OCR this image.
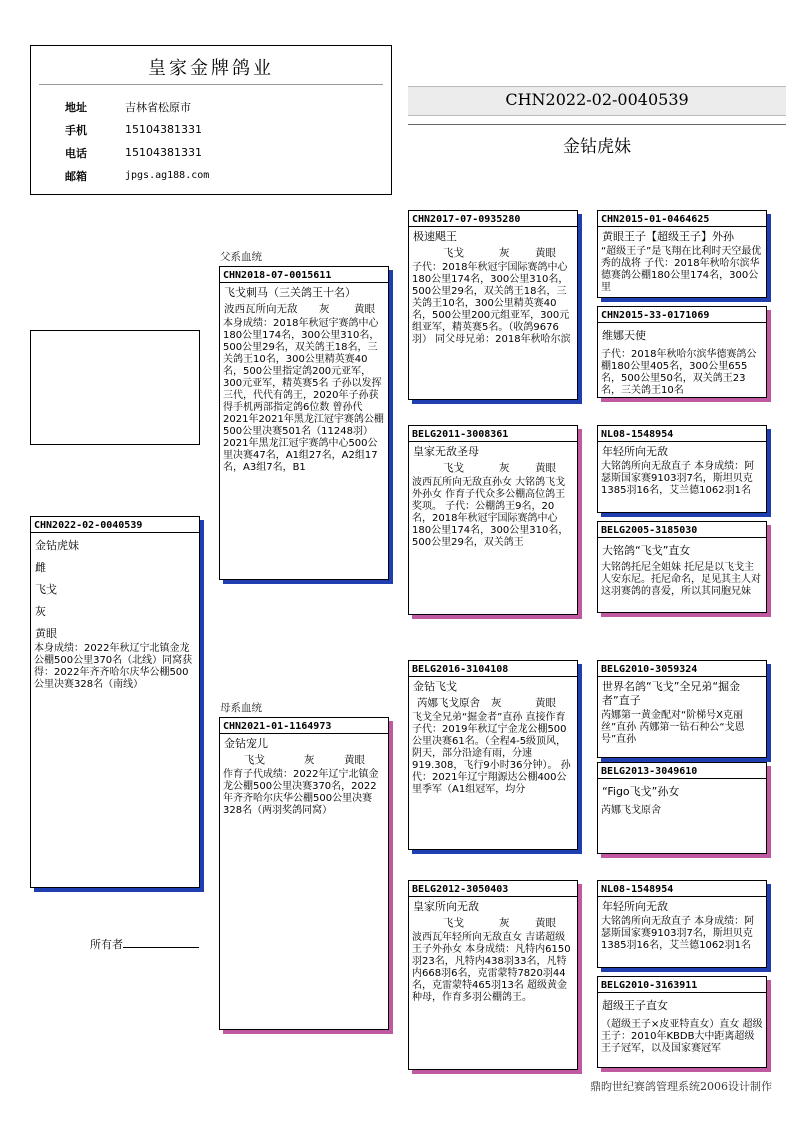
皇家金牌鸽业
地址	吉林省松原市
手机	15104381331
电话	15104381331
邮箱	jpgs.ag188.com
CHN2022-02-0040539
金钻虎妹
CHN2022-02-0040539
金钻虎妹
雌
飞戈
灰
黄眼
本身成绩：2022年秋辽宁北镇金龙公棚500公里370名（北线）同窝获得：2022年齐齐哈尔庆华公棚500公里决赛328名（南线）
父系血统
母系血统
CHN2018-07-0015611
飞戈刺马（三关鸽王十名）
波西瓦所向无敌	灰	黄眼
本身成绩：2018年秋冠宇赛鸽中心180公里174名，300公里310名，500公里29名，双关鸽王18名，三关鸽王10名，300公里精英赛40名，500公里指定鸽200元亚军，300元亚军，精英赛5名 子孙以发挥三代，代代有鸽王，2020年子孙获得手机两部指定鸽6位数 曾孙代2021年2021年黑龙江冠宇赛鸽公棚500公里决赛501名（11248羽） 2021年黑龙江冠宇赛鸽中心500公里决赛47名，A1组27名，A2组17名，A3组7名，B1
CHN2021-01-1164973
金钻宠儿
飞戈	灰	黄眼
作育子代成绩：2022年辽宁北镇金龙公棚500公里决赛370名，2022年齐齐哈尔庆华公棚500公里决赛328名（两羽奖鸽同窝）
所有者
CHN2017-07-0935280
极速飓王
飞戈	灰	黄眼
子代：2018年秋冠宇国际赛鸽中心180公里174名，300公里310名，500公里29名，双关鸽王18名，三关鸽王10名，300公里精英赛40名，500公里200元组亚军，300元组亚军，精英赛5名。（收鸽9676羽） 同父母兄弟：2018年秋哈尔滨
BELG2011-3008361
皇家无敌圣母
飞戈	灰	黄眼
波西瓦所向无敌直孙女 大铭鸽飞戈外孙女 作育子代众多公棚高位鸽王奖项。 子代：公棚鸽王9名，20名，2018年秋冠宇国际赛鸽中心180公里174名，300公里310名，500公里29名，双关鸽王
BELG2016-3104108
金钻飞戈
芮娜飞戈原舍	灰	黄眼
飞戈全兄弟“掘金者”直孙 直接作育子代：2019年秋辽宁金龙公棚500公里决赛61名。（全程4-5级顶风，阴天，部分沿途有雨，分速919.308，飞行9小时36分钟）。 孙代：2021年辽宁翔源达公棚400公里季军（A1组冠军，均分
BELG2012-3050403
皇家所向无敌
飞戈	灰	黄眼
波西瓦年轻所向无敌直女 吉诺超级王子外孙女 本身成绩：凡特内6150羽23名，凡特内438羽33名，凡特内668羽6名，克雷蒙特7820羽44名，克雷蒙特465羽13名 超级黄金种母，作育多羽公棚鸽王。
CHN2015-01-0464625
黄眼王子【超级王子】外孙
“超级王子”是飞翔在比利时天空最优秀的战将 子代：2018年秋哈尔滨华德赛鸽公棚180公里174名，300公里
CHN2015-33-0171069
维娜天使
子代：2018年秋哈尔滨华德赛鸽公棚180公里405名，300公里655名，500公里50名，双关鸽王23名，三关鸽王10名
NL08-1548954
年轻所向无敌
大铭鸽所向无敌直子 本身成绩：阿瑟斯国家赛9103羽7名，斯坦贝克1385羽16名，艾兰德1062羽1名
BELG2005-3185030
大铭鸽“飞戈”直女
大铭鸽托尼全姐妹 托尼是以飞戈主人安东尼。托尼命名，足见其主人对这羽赛鸽的喜爱，所以其同胞兄妹
BELG2010-3059324
世界名鸽“飞戈”全兄弟“掘金者”直子
芮娜第一黄金配对“阶梯号X克丽丝”直孙 芮娜第一钻石种公“戈恩号”直孙
BELG2013-3049610
“Figo飞戈”孙女
芮娜飞戈原舍
NL08-1548954
年轻所向无敌
大铭鸽所向无敌直子 本身成绩：阿瑟斯国家赛9103羽7名，斯坦贝克1385羽16名，艾兰德1062羽1名
BELG2010-3163911
超级王子直女
（超级王子×皮亚特直女）直女 超级王子：2010年KBDB大中距离超级王子冠军，以及国家赛冠军
鼎昀世纪赛鸽管理系统2006设计制作
